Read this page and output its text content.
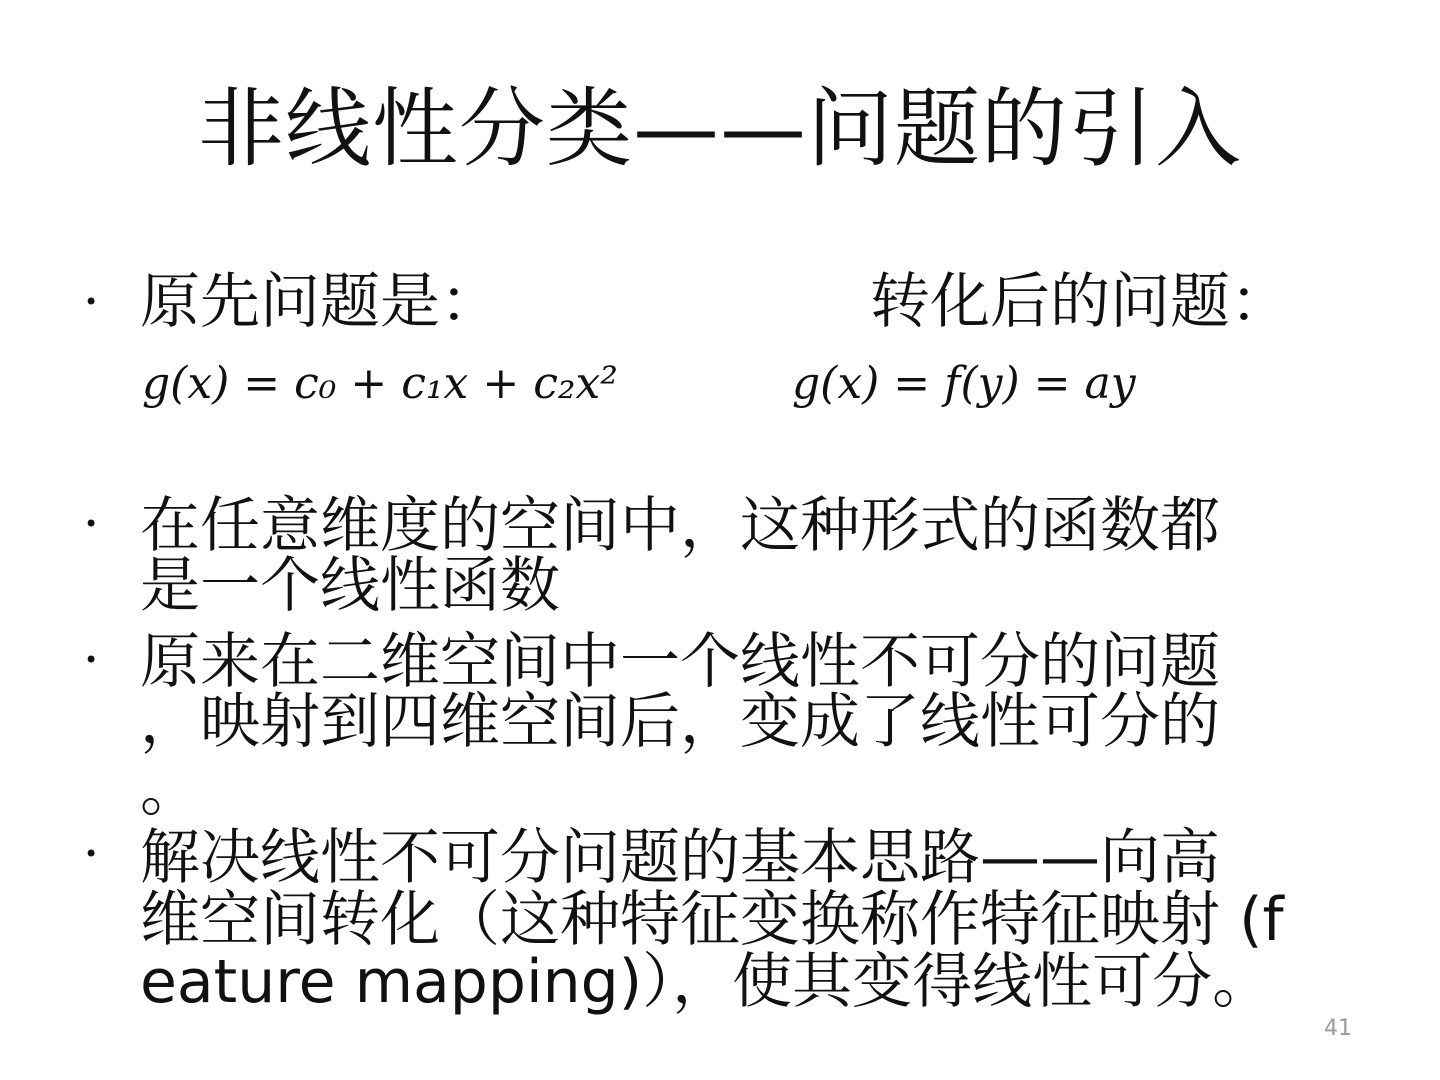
非线性分类——问题的引入
• 原先问题是：	转化后的问题：
g(x) = c₀ + c₁x + c₂x²	g(x) = f(y) = ay
• 在任意维度的空间中，这种形式的函数都
是一个线性函数
• 原来在二维空间中一个线性不可分的问题
，映射到四维空间后，变成了线性可分的
。
• 解决线性不可分问题的基本思路——向高
维空间转化（这种特征变换称作特征映射 (f
eature mapping)），使其变得线性可分。
41
